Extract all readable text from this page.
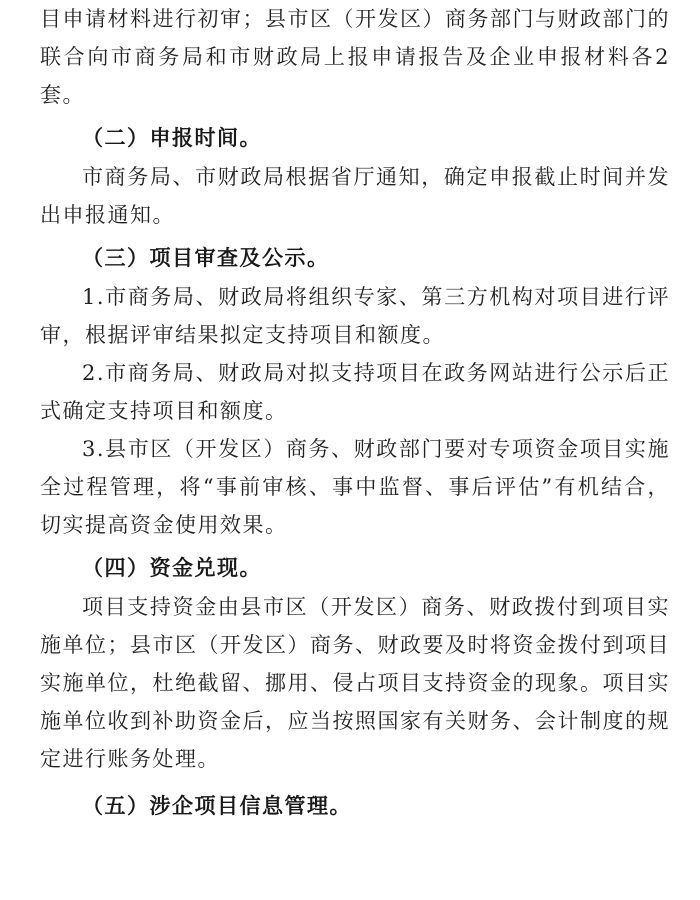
目申请材料进行初审；县市区（开发区）商务部门与财政部门的联合向市商务局和市财政局上报申请报告及企业申报材料各2套。

（二）申报时间。

市商务局、市财政局根据省厅通知，确定申报截止时间并发出申报通知。

（三）项目审查及公示。

1.市商务局、财政局将组织专家、第三方机构对项目进行评审，根据评审结果拟定支持项目和额度。

2.市商务局、财政局对拟支持项目在政务网站进行公示后正式确定支持项目和额度。

3.县市区（开发区）商务、财政部门要对专项资金项目实施全过程管理，将“事前审核、事中监督、事后评估”有机结合，切实提高资金使用效果。

（四）资金兑现。

项目支持资金由县市区（开发区）商务、财政拨付到项目实施单位；县市区（开发区）商务、财政要及时将资金拨付到项目实施单位，杜绝截留、挪用、侵占项目支持资金的现象。项目实施单位收到补助资金后，应当按照国家有关财务、会计制度的规定进行账务处理。

（五）涉企项目信息管理。
